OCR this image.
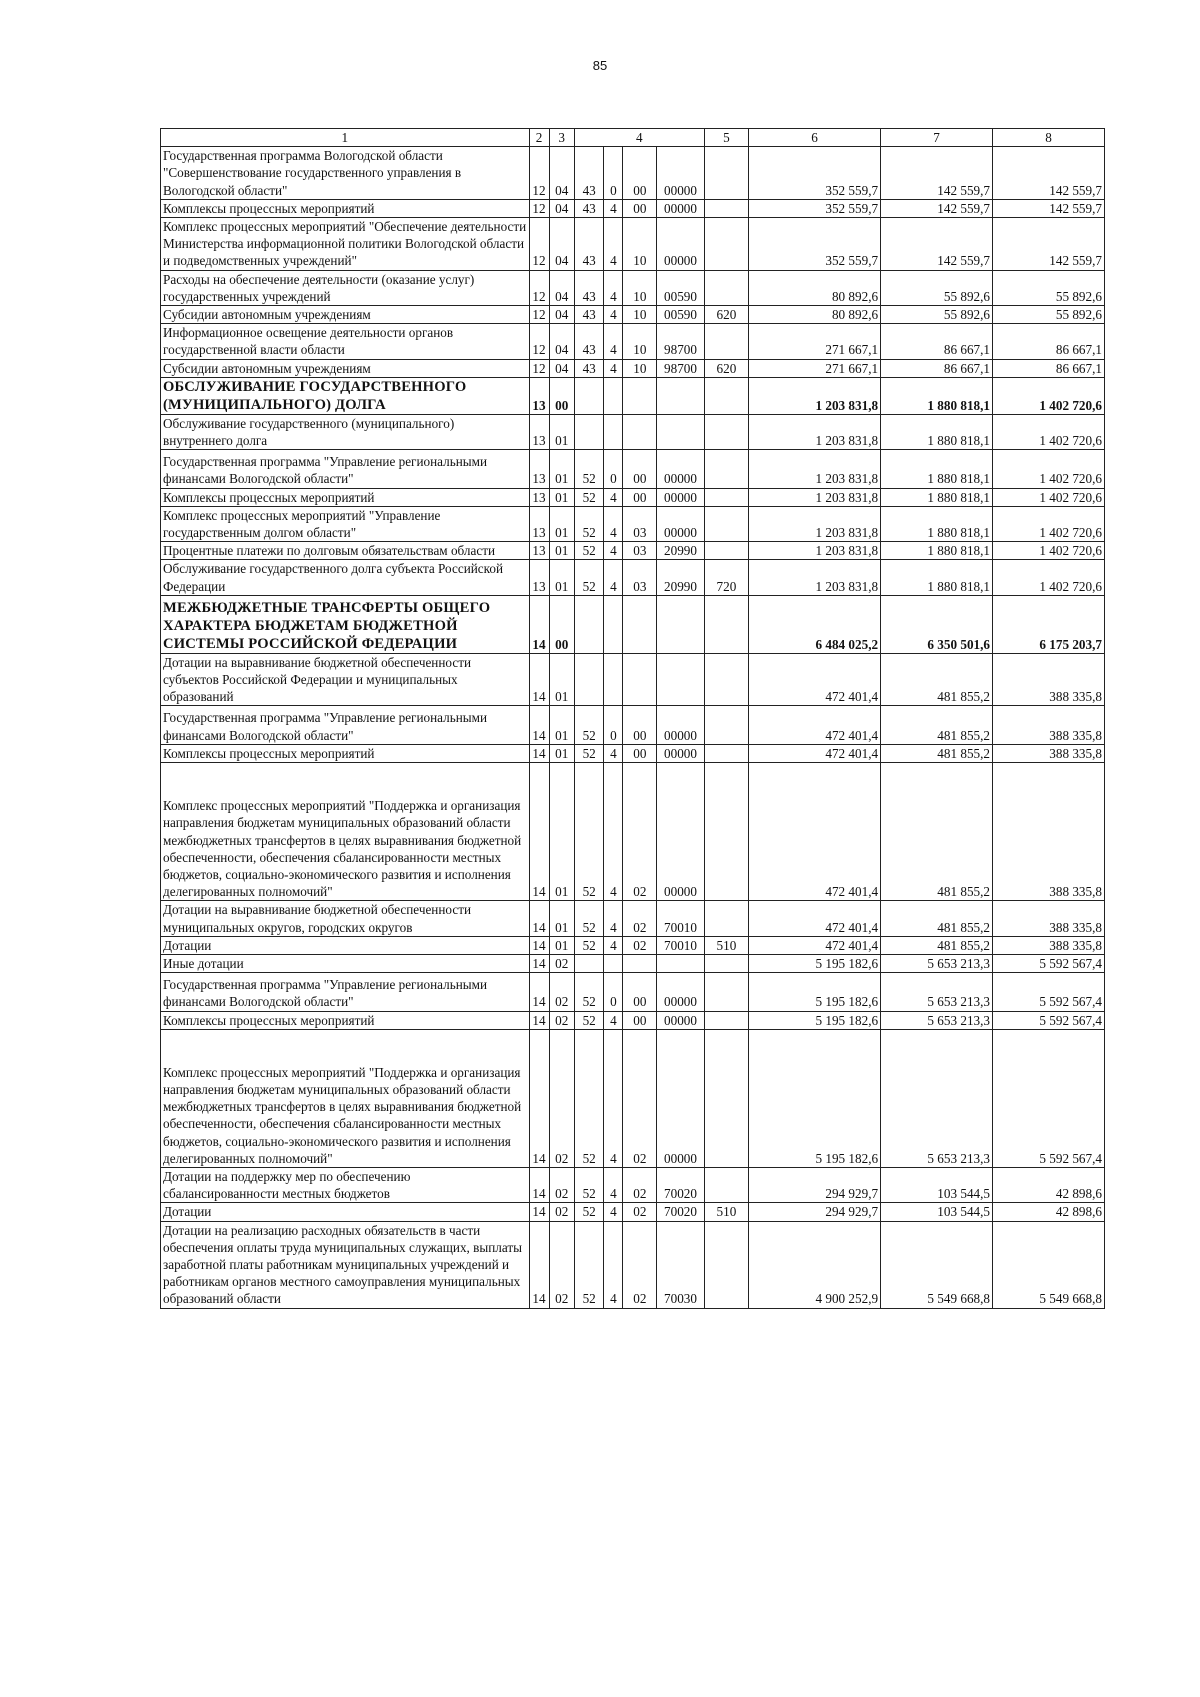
85
1	2	3	4				5	6	7	8
Государственная программа Вологодской области "Совершенствование государственного управления в Вологодской области"	12	04	43	0	00	00000		352 559,7	142 559,7	142 559,7
Комплексы процессных мероприятий	12	04	43	4	00	00000		352 559,7	142 559,7	142 559,7
Комплекс процессных мероприятий "Обеспечение деятельности Министерства информационной политики Вологодской области и подведомственных учреждений"	12	04	43	4	10	00000		352 559,7	142 559,7	142 559,7
Расходы на обеспечение деятельности (оказание услуг) государственных учреждений	12	04	43	4	10	00590		80 892,6	55 892,6	55 892,6
Субсидии автономным учреждениям	12	04	43	4	10	00590	620	80 892,6	55 892,6	55 892,6
Информационное освещение деятельности органов государственной власти области	12	04	43	4	10	98700		271 667,1	86 667,1	86 667,1
Субсидии автономным учреждениям	12	04	43	4	10	98700	620	271 667,1	86 667,1	86 667,1
ОБСЛУЖИВАНИЕ ГОСУДАРСТВЕННОГО (МУНИЦИПАЛЬНОГО) ДОЛГА	13	00						1 203 831,8	1 880 818,1	1 402 720,6
Обслуживание государственного (муниципального) внутреннего долга	13	01						1 203 831,8	1 880 818,1	1 402 720,6
Государственная программа "Управление региональными финансами Вологодской области"	13	01	52	0	00	00000		1 203 831,8	1 880 818,1	1 402 720,6
Комплексы процессных мероприятий	13	01	52	4	00	00000		1 203 831,8	1 880 818,1	1 402 720,6
Комплекс процессных мероприятий "Управление государственным долгом области"	13	01	52	4	03	00000		1 203 831,8	1 880 818,1	1 402 720,6
Процентные платежи по долговым обязательствам области	13	01	52	4	03	20990		1 203 831,8	1 880 818,1	1 402 720,6
Обслуживание государственного долга субъекта Российской Федерации	13	01	52	4	03	20990	720	1 203 831,8	1 880 818,1	1 402 720,6
МЕЖБЮДЖЕТНЫЕ ТРАНСФЕРТЫ ОБЩЕГО ХАРАКТЕРА БЮДЖЕТАМ БЮДЖЕТНОЙ СИСТЕМЫ РОССИЙСКОЙ ФЕДЕРАЦИИ	14	00						6 484 025,2	6 350 501,6	6 175 203,7
Дотации на выравнивание бюджетной обеспеченности субъектов Российской Федерации и муниципальных образований	14	01						472 401,4	481 855,2	388 335,8
Государственная программа "Управление региональными финансами Вологодской области"	14	01	52	0	00	00000		472 401,4	481 855,2	388 335,8
Комплексы процессных мероприятий	14	01	52	4	00	00000		472 401,4	481 855,2	388 335,8
Комплекс процессных мероприятий "Поддержка и организация направления бюджетам муниципальных образований области межбюджетных трансфертов в целях выравнивания бюджетной обеспеченности, обеспечения сбалансированности местных бюджетов, социально-экономического развития и исполнения делегированных полномочий"	14	01	52	4	02	00000		472 401,4	481 855,2	388 335,8
Дотации на выравнивание бюджетной обеспеченности муниципальных округов, городских округов	14	01	52	4	02	70010		472 401,4	481 855,2	388 335,8
Дотации	14	01	52	4	02	70010	510	472 401,4	481 855,2	388 335,8
Иные дотации	14	02						5 195 182,6	5 653 213,3	5 592 567,4
Государственная программа "Управление региональными финансами Вологодской области"	14	02	52	0	00	00000		5 195 182,6	5 653 213,3	5 592 567,4
Комплексы процессных мероприятий	14	02	52	4	00	00000		5 195 182,6	5 653 213,3	5 592 567,4
Комплекс процессных мероприятий "Поддержка и организация направления бюджетам муниципальных образований области межбюджетных трансфертов в целях выравнивания бюджетной обеспеченности, обеспечения сбалансированности местных бюджетов, социально-экономического развития и исполнения делегированных полномочий"	14	02	52	4	02	00000		5 195 182,6	5 653 213,3	5 592 567,4
Дотации на поддержку мер по обеспечению сбалансированности местных бюджетов	14	02	52	4	02	70020		294 929,7	103 544,5	42 898,6
Дотации	14	02	52	4	02	70020	510	294 929,7	103 544,5	42 898,6
Дотации на реализацию расходных обязательств в части обеспечения оплаты труда муниципальных служащих, выплаты заработной платы работникам муниципальных учреждений и работникам органов местного самоуправления муниципальных образований области	14	02	52	4	02	70030		4 900 252,9	5 549 668,8	5 549 668,8
